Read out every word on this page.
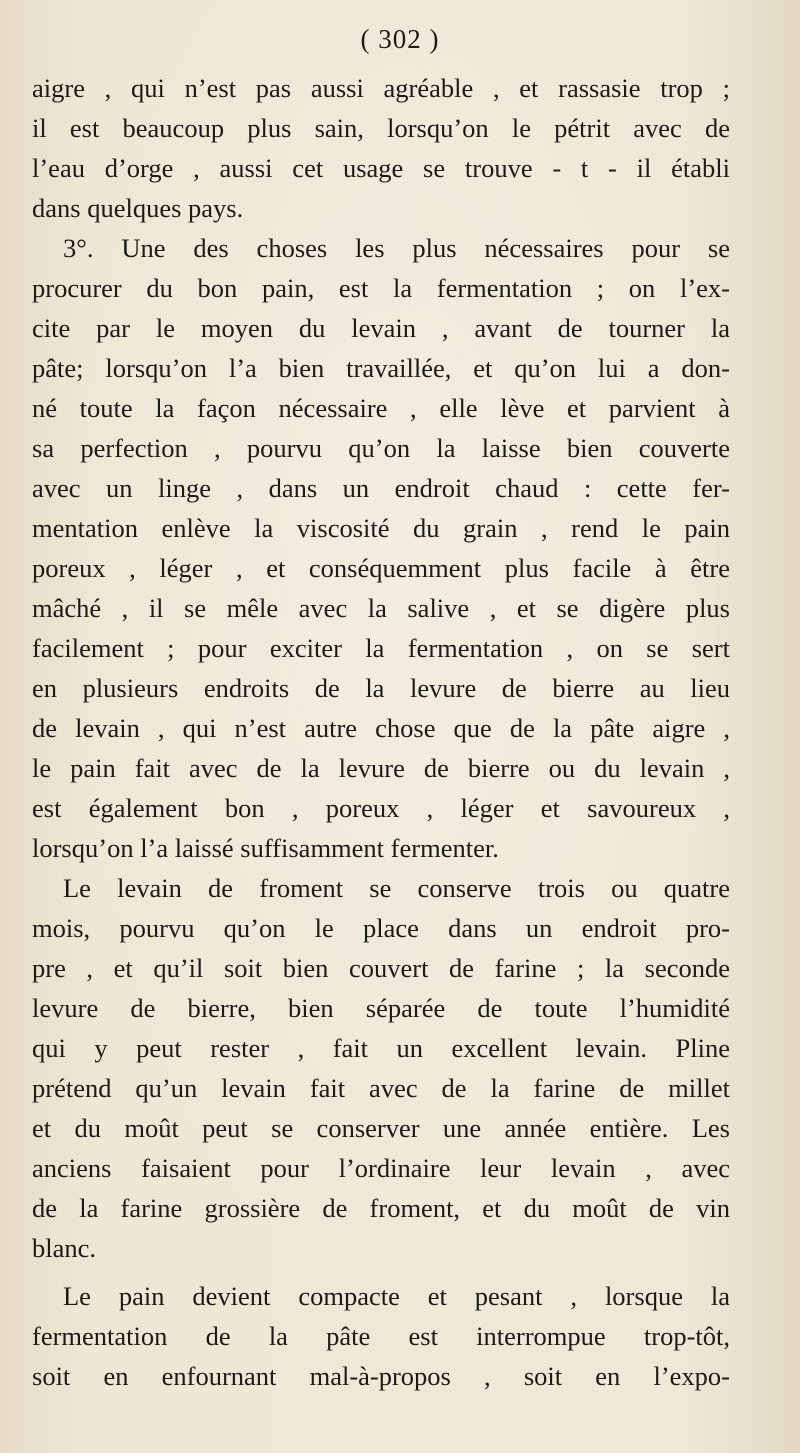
( 302 )
aigre , qui n’est pas aussi agréable , et rassasie trop ;
il est beaucoup plus sain, lorsqu’on le pétrit avec de
l’eau d’orge , aussi cet usage se trouve - t - il établi
dans quelques pays.
3°. Une des choses les plus nécessaires pour se
procurer du bon pain, est la fermentation ; on l’ex-
cite par le moyen du levain , avant de tourner la
pâte; lorsqu’on l’a bien travaillée, et qu’on lui a don-
né toute la façon nécessaire , elle lève et parvient à
sa perfection , pourvu qu’on la laisse bien couverte
avec un linge , dans un endroit chaud : cette fer-
mentation enlève la viscosité du grain , rend le pain
poreux , léger , et conséquemment plus facile à être
mâché , il se mêle avec la salive , et se digère plus
facilement ; pour exciter la fermentation , on se sert
en plusieurs endroits de la levure de bierre au lieu
de levain , qui n’est autre chose que de la pâte aigre ,
le pain fait avec de la levure de bierre ou du levain ,
est également bon , poreux , léger et savoureux ,
lorsqu’on l’a laissé suffisamment fermenter.
Le levain de froment se conserve trois ou quatre
mois, pourvu qu’on le place dans un endroit pro-
pre , et qu’il soit bien couvert de farine ; la seconde
levure de bierre, bien séparée de toute l’humidité
qui y peut rester , fait un excellent levain. Pline
prétend qu’un levain fait avec de la farine de millet
et du moût peut se conserver une année entière. Les
anciens faisaient pour l’ordinaire leur levain , avec
de la farine grossière de froment, et du moût de vin
blanc.
Le pain devient compacte et pesant , lorsque la
fermentation de la pâte est interrompue trop-tôt,
soit en enfournant mal-à-propos , soit en l’expo-
